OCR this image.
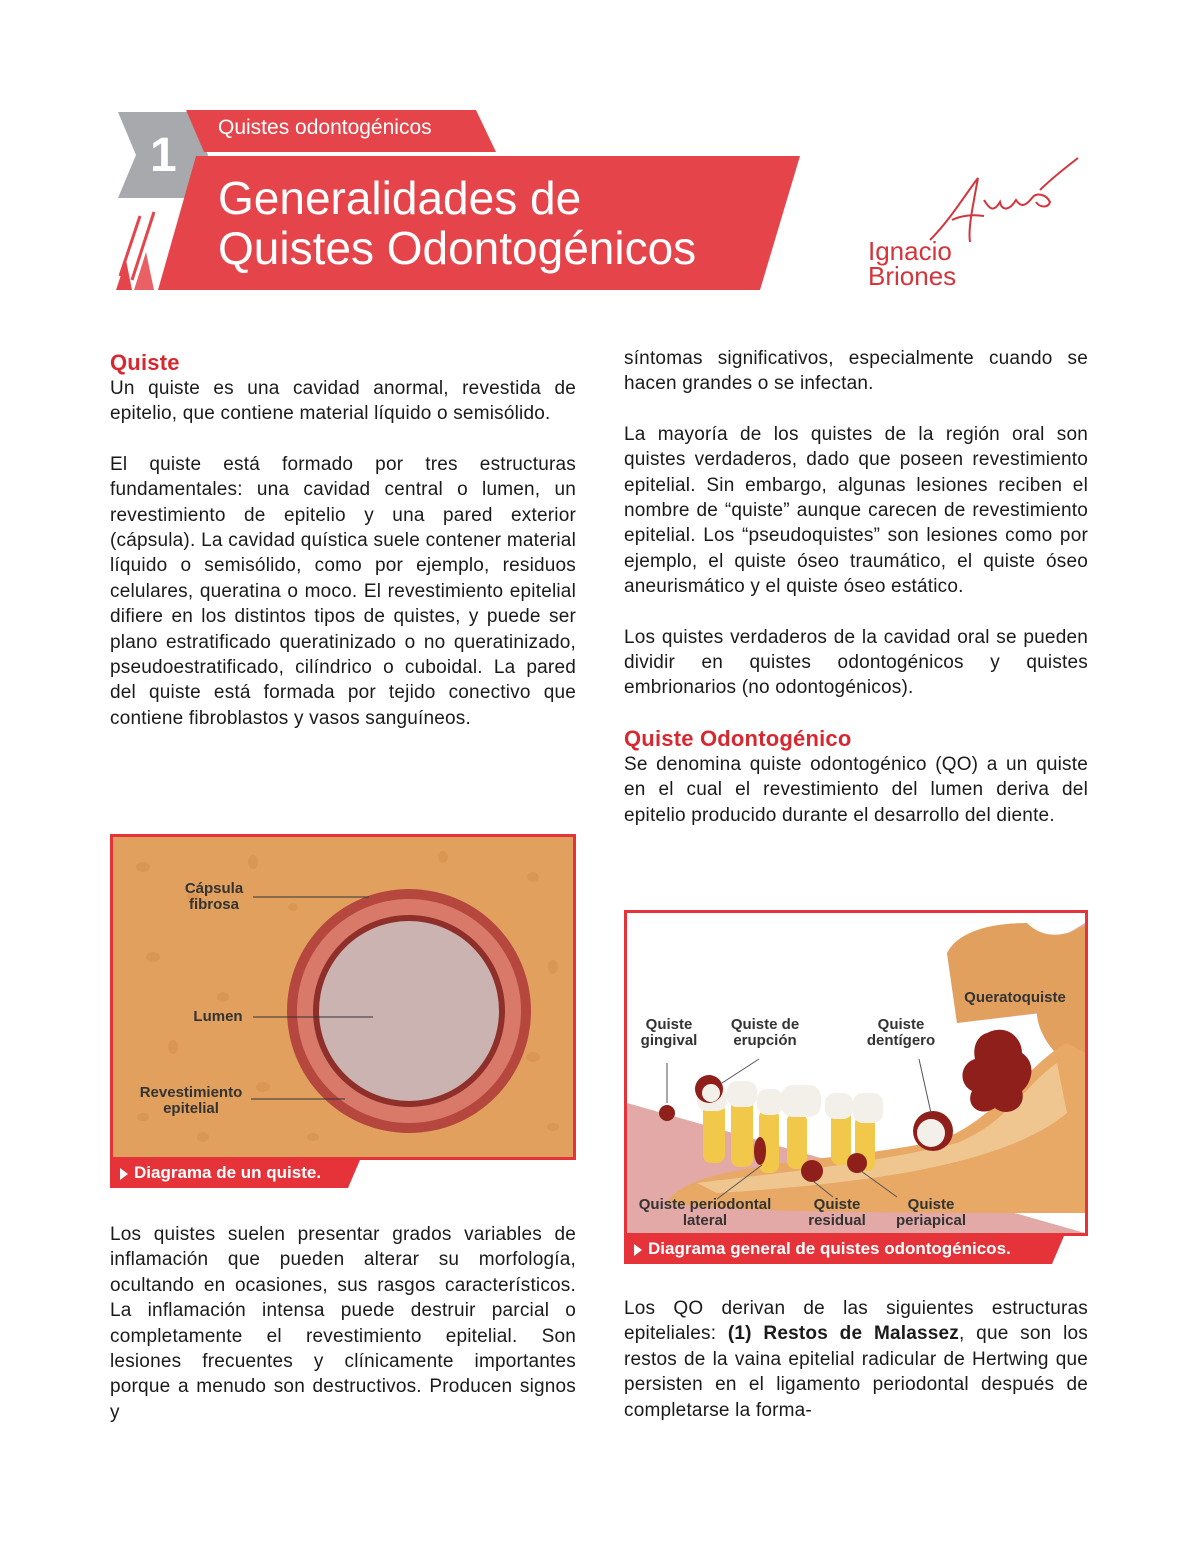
1
Quistes odontogénicos
Generalidades de
Quistes Odontogénicos	Ignacio
Briones
Quiste

Un quiste es una cavidad anormal, revestida de epitelio, que contiene material líquido o semisólido.

El quiste está formado por tres estructuras fundamentales: una cavidad central o lumen, un revestimiento de epitelio y una pared exterior (cápsula). La cavidad quística suele contener material líquido o semisólido, como por ejemplo, residuos celulares, queratina o moco. El revestimiento epitelial difiere en los distintos tipos de quistes, y puede ser plano estratificado queratinizado o no queratinizado, pseudoestratificado, cilíndrico o cuboidal. La pared del quiste está formada por tejido conectivo que contiene fibroblastos y vasos sanguíneos.

Cápsula
fibrosa
Lumen
Revestimiento
epitelial
Diagrama de un quiste.

Los quistes suelen presentar grados variables de inflamación que pueden alterar su morfología, ocultando en ocasiones, sus rasgos característicos. La inflamación intensa puede destruir parcial o completamente el revestimiento epitelial. Son lesiones frecuentes y clínicamente importantes porque a menudo son destructivos. Producen signos y

síntomas significativos, especialmente cuando se hacen grandes o se infectan.

La mayoría de los quistes de la región oral son quistes verdaderos, dado que poseen revestimiento epitelial. Sin embargo, algunas lesiones reciben el nombre de “quiste” aunque carecen de revestimiento epitelial. Los “pseudoquistes” son lesiones como por ejemplo, el quiste óseo traumático, el quiste óseo aneurismático y el quiste óseo estático.

Los quistes verdaderos de la cavidad oral se pueden dividir en quistes odontogénicos y quistes embrionarios (no odontogénicos).

Quiste Odontogénico

Se denomina quiste odontogénico (QO) a un quiste en el cual el revestimiento del lumen deriva del epitelio producido durante el desarrollo del diente.

Queratoquiste
Quiste
gingival
Quiste de
erupción
Quiste
dentígero
Quiste periodontal
lateral
Quiste
residual
Quiste
periapical
Diagrama general de quistes odontogénicos.

Los QO derivan de las siguientes estructuras epiteliales: (1) Restos de Malassez, que son los restos de la vaina epitelial radicular de Hertwing que persisten en el ligamento periodontal después de completarse la forma-
